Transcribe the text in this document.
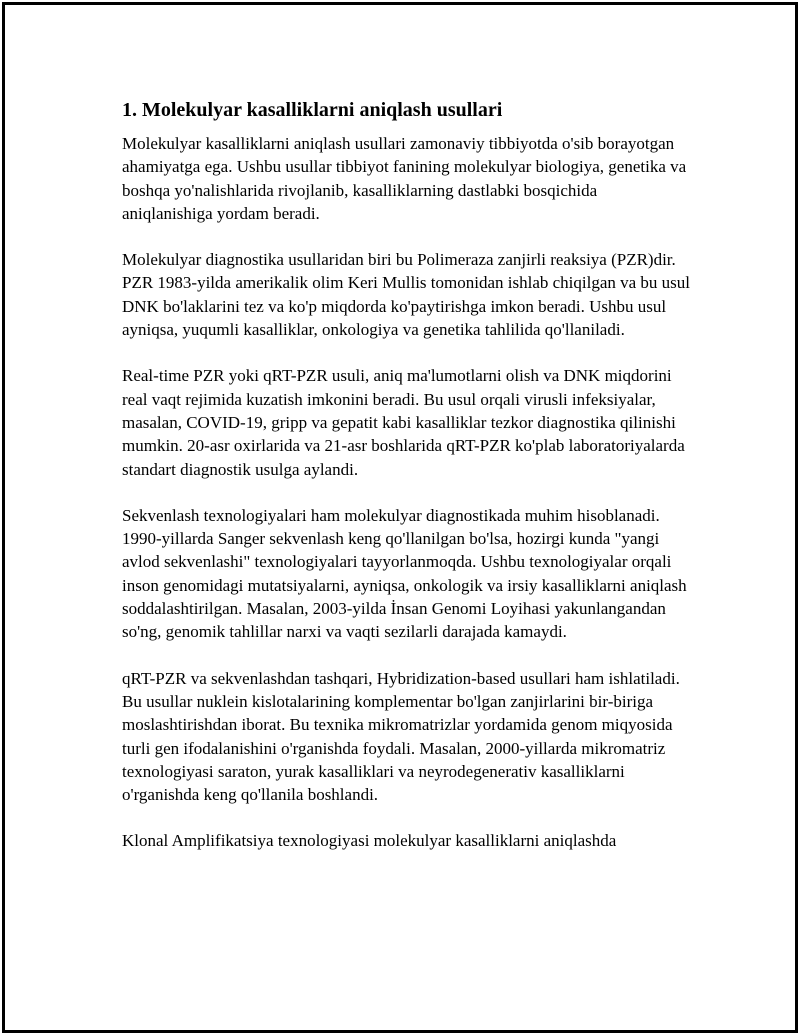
1. Molekulyar kasalliklarni aniqlash usullari

Molekulyar kasalliklarni aniqlash usullari zamonaviy tibbiyotda o'sib borayotgan ahamiyatga ega. Ushbu usullar tibbiyot fanining molekulyar biologiya, genetika va boshqa yo'nalishlarida rivojlanib, kasalliklarning dastlabki bosqichida aniqlanishiga yordam beradi.

Molekulyar diagnostika usullaridan biri bu Polimeraza zanjirli reaksiya (PZR)dir. PZR 1983-yilda amerikalik olim Keri Mullis tomonidan ishlab chiqilgan va bu usul DNK bo'laklarini tez va ko'p miqdorda ko'paytirishga imkon beradi. Ushbu usul ayniqsa, yuqumli kasalliklar, onkologiya va genetika tahlilida qo'llaniladi.

Real-time PZR yoki qRT-PZR usuli, aniq ma'lumotlarni olish va DNK miqdorini real vaqt rejimida kuzatish imkonini beradi. Bu usul orqali virusli infeksiyalar, masalan, COVID-19, gripp va gepatit kabi kasalliklar tezkor diagnostika qilinishi mumkin. 20-asr oxirlarida va 21-asr boshlarida qRT-PZR ko'plab laboratoriyalarda standart diagnostik usulga aylandi.

Sekvenlash texnologiyalari ham molekulyar diagnostikada muhim hisoblanadi. 1990-yillarda Sanger sekvenlash keng qo'llanilgan bo'lsa, hozirgi kunda "yangi avlod sekvenlashi" texnologiyalari tayyorlanmoqda. Ushbu texnologiyalar orqali inson genomidagi mutatsiyalarni, ayniqsa, onkologik va irsiy kasalliklarni aniqlash soddalashtirilgan. Masalan, 2003-yilda İnsan Genomi Loyihasi yakunlangandan so'ng, genomik tahlillar narxi va vaqti sezilarli darajada kamaydi.

qRT-PZR va sekvenlashdan tashqari, Hybridization-based usullari ham ishlatiladi. Bu usullar nuklein kislotalarining komplementar bo'lgan zanjirlarini bir-biriga moslashtirishdan iborat. Bu texnika mikromatrizlar yordamida genom miqyosida turli gen ifodalanishini o'rganishda foydali. Masalan, 2000-yillarda mikromatriz texnologiyasi saraton, yurak kasalliklari va neyrodegenerativ kasalliklarni o'rganishda keng qo'llanila boshlandi.

Klonal Amplifikatsiya texnologiyasi molekulyar kasalliklarni aniqlashda
